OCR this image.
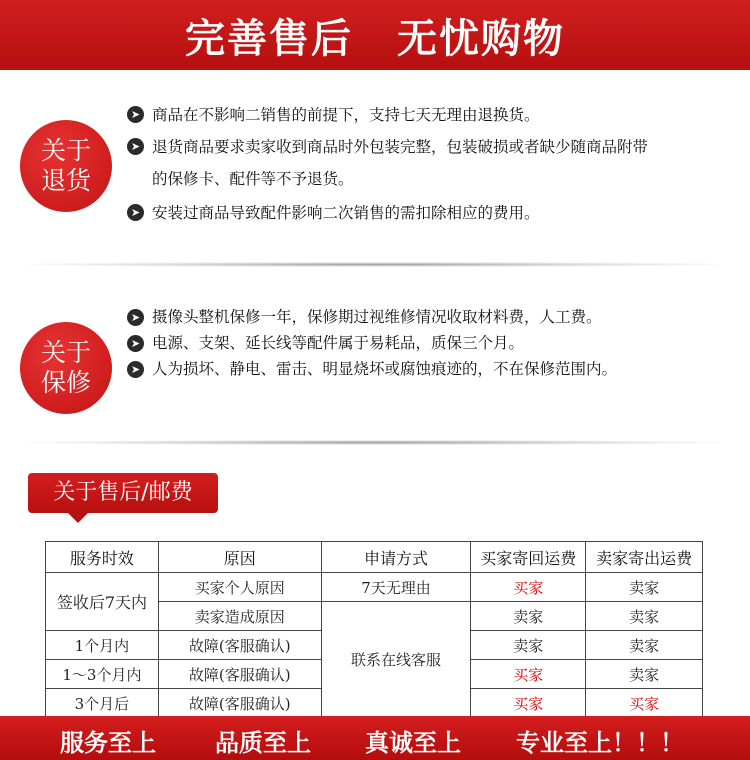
完善售后 无忧购物
关于
退货
➤ 商品在不影响二销售的前提下，支持七天无理由退换货。
➤ 退货商品要求卖家收到商品时外包装完整，包装破损或者缺少随商品附带
的保修卡、配件等不予退货。
➤ 安装过商品导致配件影响二次销售的需扣除相应的费用。
关于
保修
➤ 摄像头整机保修一年，保修期过视维修情况收取材料费，人工费。
➤ 电源、支架、延长线等配件属于易耗品，质保三个月。
➤ 人为损坏、静电、雷击、明显烧坏或腐蚀痕迹的，不在保修范围内。
关于售后/邮费
服务时效	原因	申请方式	买家寄回运费	卖家寄出运费
签收后7天内	买家个人原因	7天无理由	买家	卖家
	卖家造成原因	联系在线客服	卖家	卖家
1个月内	故障(客服确认)		卖家	卖家
1～3个月内	故障(客服确认)		买家	卖家
3个月后	故障(客服确认)		买家	买家
服务至上 品质至上 真诚至上 专业至上！！！
